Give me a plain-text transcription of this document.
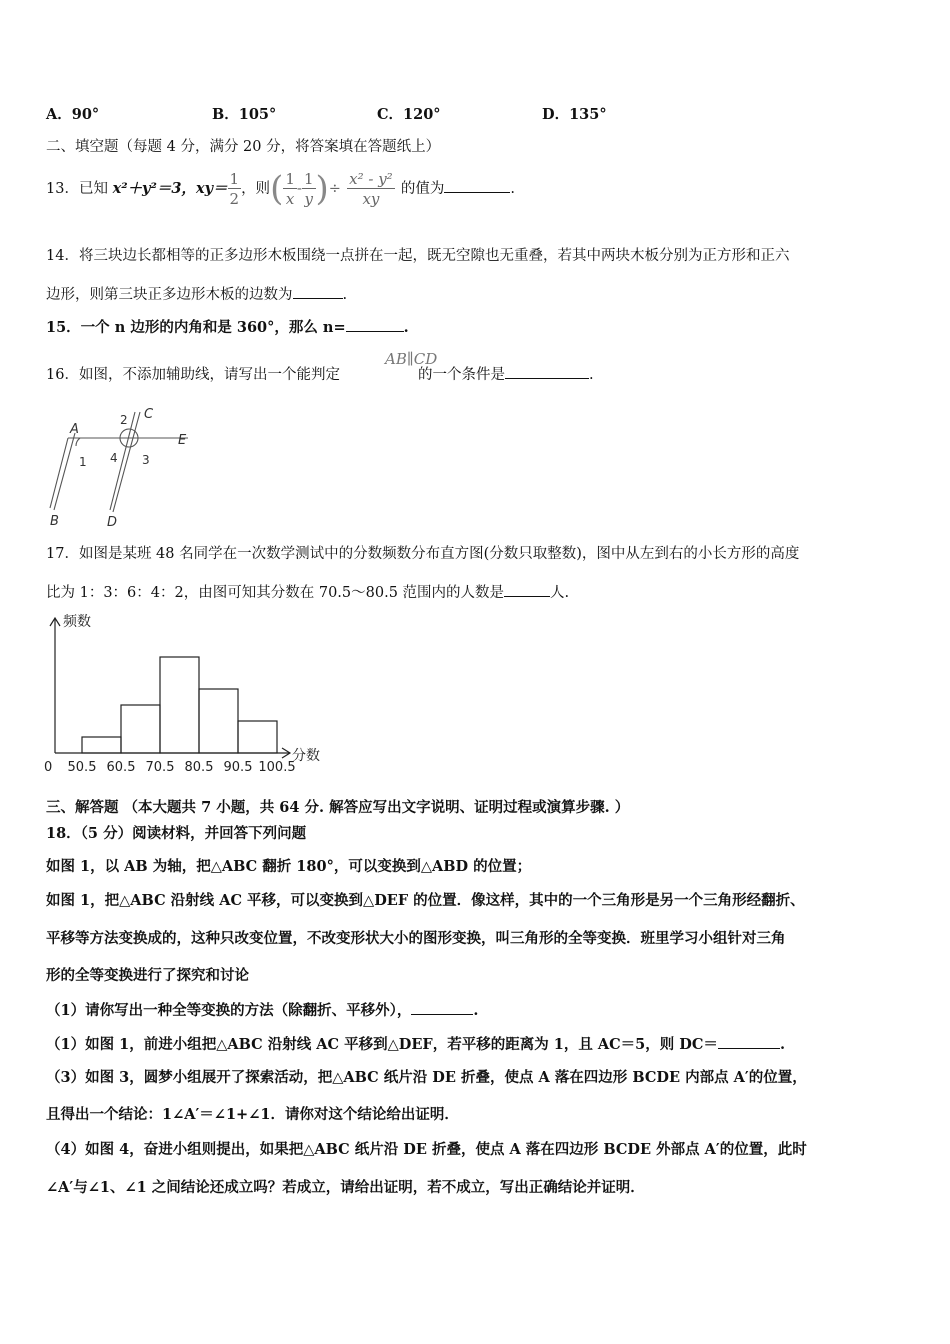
A．90°	B．105°	C．120°	D．135°
二、填空题（每题 4 分，满分 20 分，将答案填在答题纸上）
13．已知 x²＋y²＝3，$xy= \frac{1}{2}$ ，则( $\frac{1}{x} - \frac{1}{y}$ )÷ $\frac{\text{x² - y²}}{xy}$ 的值为	.
14．将三块边长都相等的正多边形木板围绕一点拼在一起，既无空隙也无重叠，若其中两块木板分别为正方形和正六
边形，则第三块正多边形木板的边数为	.
15．一个 n 边形的内角和是 360°，那么 n=	.
AB∥CD
16．如图，不添加辅助线，请写出一个能判定	的一个条件是	.
A
B
C
D
E
1
2
3
4
17．如图是某班 48 名同学在一次数学测试中的分数频数分布直方图(分数只取整数)，图中从左到右的小长方形的高度
比为 1：3：6：4：2，由图可知其分数在 70.5～80.5 范围内的人数是	人.
50.5 60.5 70.5 80.5 90.5 100.5
频数
分数
0
三、解答题 （本大题共 7 小题，共 64 分. 解答应写出文字说明、证明过程或演算步骤. ）
18．（5 分）阅读材料，并回答下列问题
如图 1，以 AB 为轴，把△ABC 翻折 180°，可以变换到△ABD 的位置；
如图 1，把△ABC 沿射线 AC 平移，可以变换到△DEF 的位置．像这样，其中的一个三角形是另一个三角形经翻折、
平移等方法变换成的，这种只改变位置，不改变形状大小的图形变换，叫三角形的全等变换．班里学习小组针对三角
形的全等变换进行了探究和讨论
（1）请你写出一种全等变换的方法（除翻折、平移外），	.
（1）如图 1，前进小组把△ABC 沿射线 AC 平移到△DEF，若平移的距离为 1，且 AC＝5，则 DC＝	.
（3）如图 3，圆梦小组展开了探索活动，把△ABC 纸片沿 DE 折叠，使点 A 落在四边形 BCDE 内部点 A′的位置，
且得出一个结论：1∠A′＝∠1+∠1．请你对这个结论给出证明．
（4）如图 4，奋进小组则提出，如果把△ABC 纸片沿 DE 折叠，使点 A 落在四边形 BCDE 外部点 A′的位置，此时
∠A′与∠1、∠1 之间结论还成立吗？若成立，请给出证明，若不成立，写出正确结论并证明．
